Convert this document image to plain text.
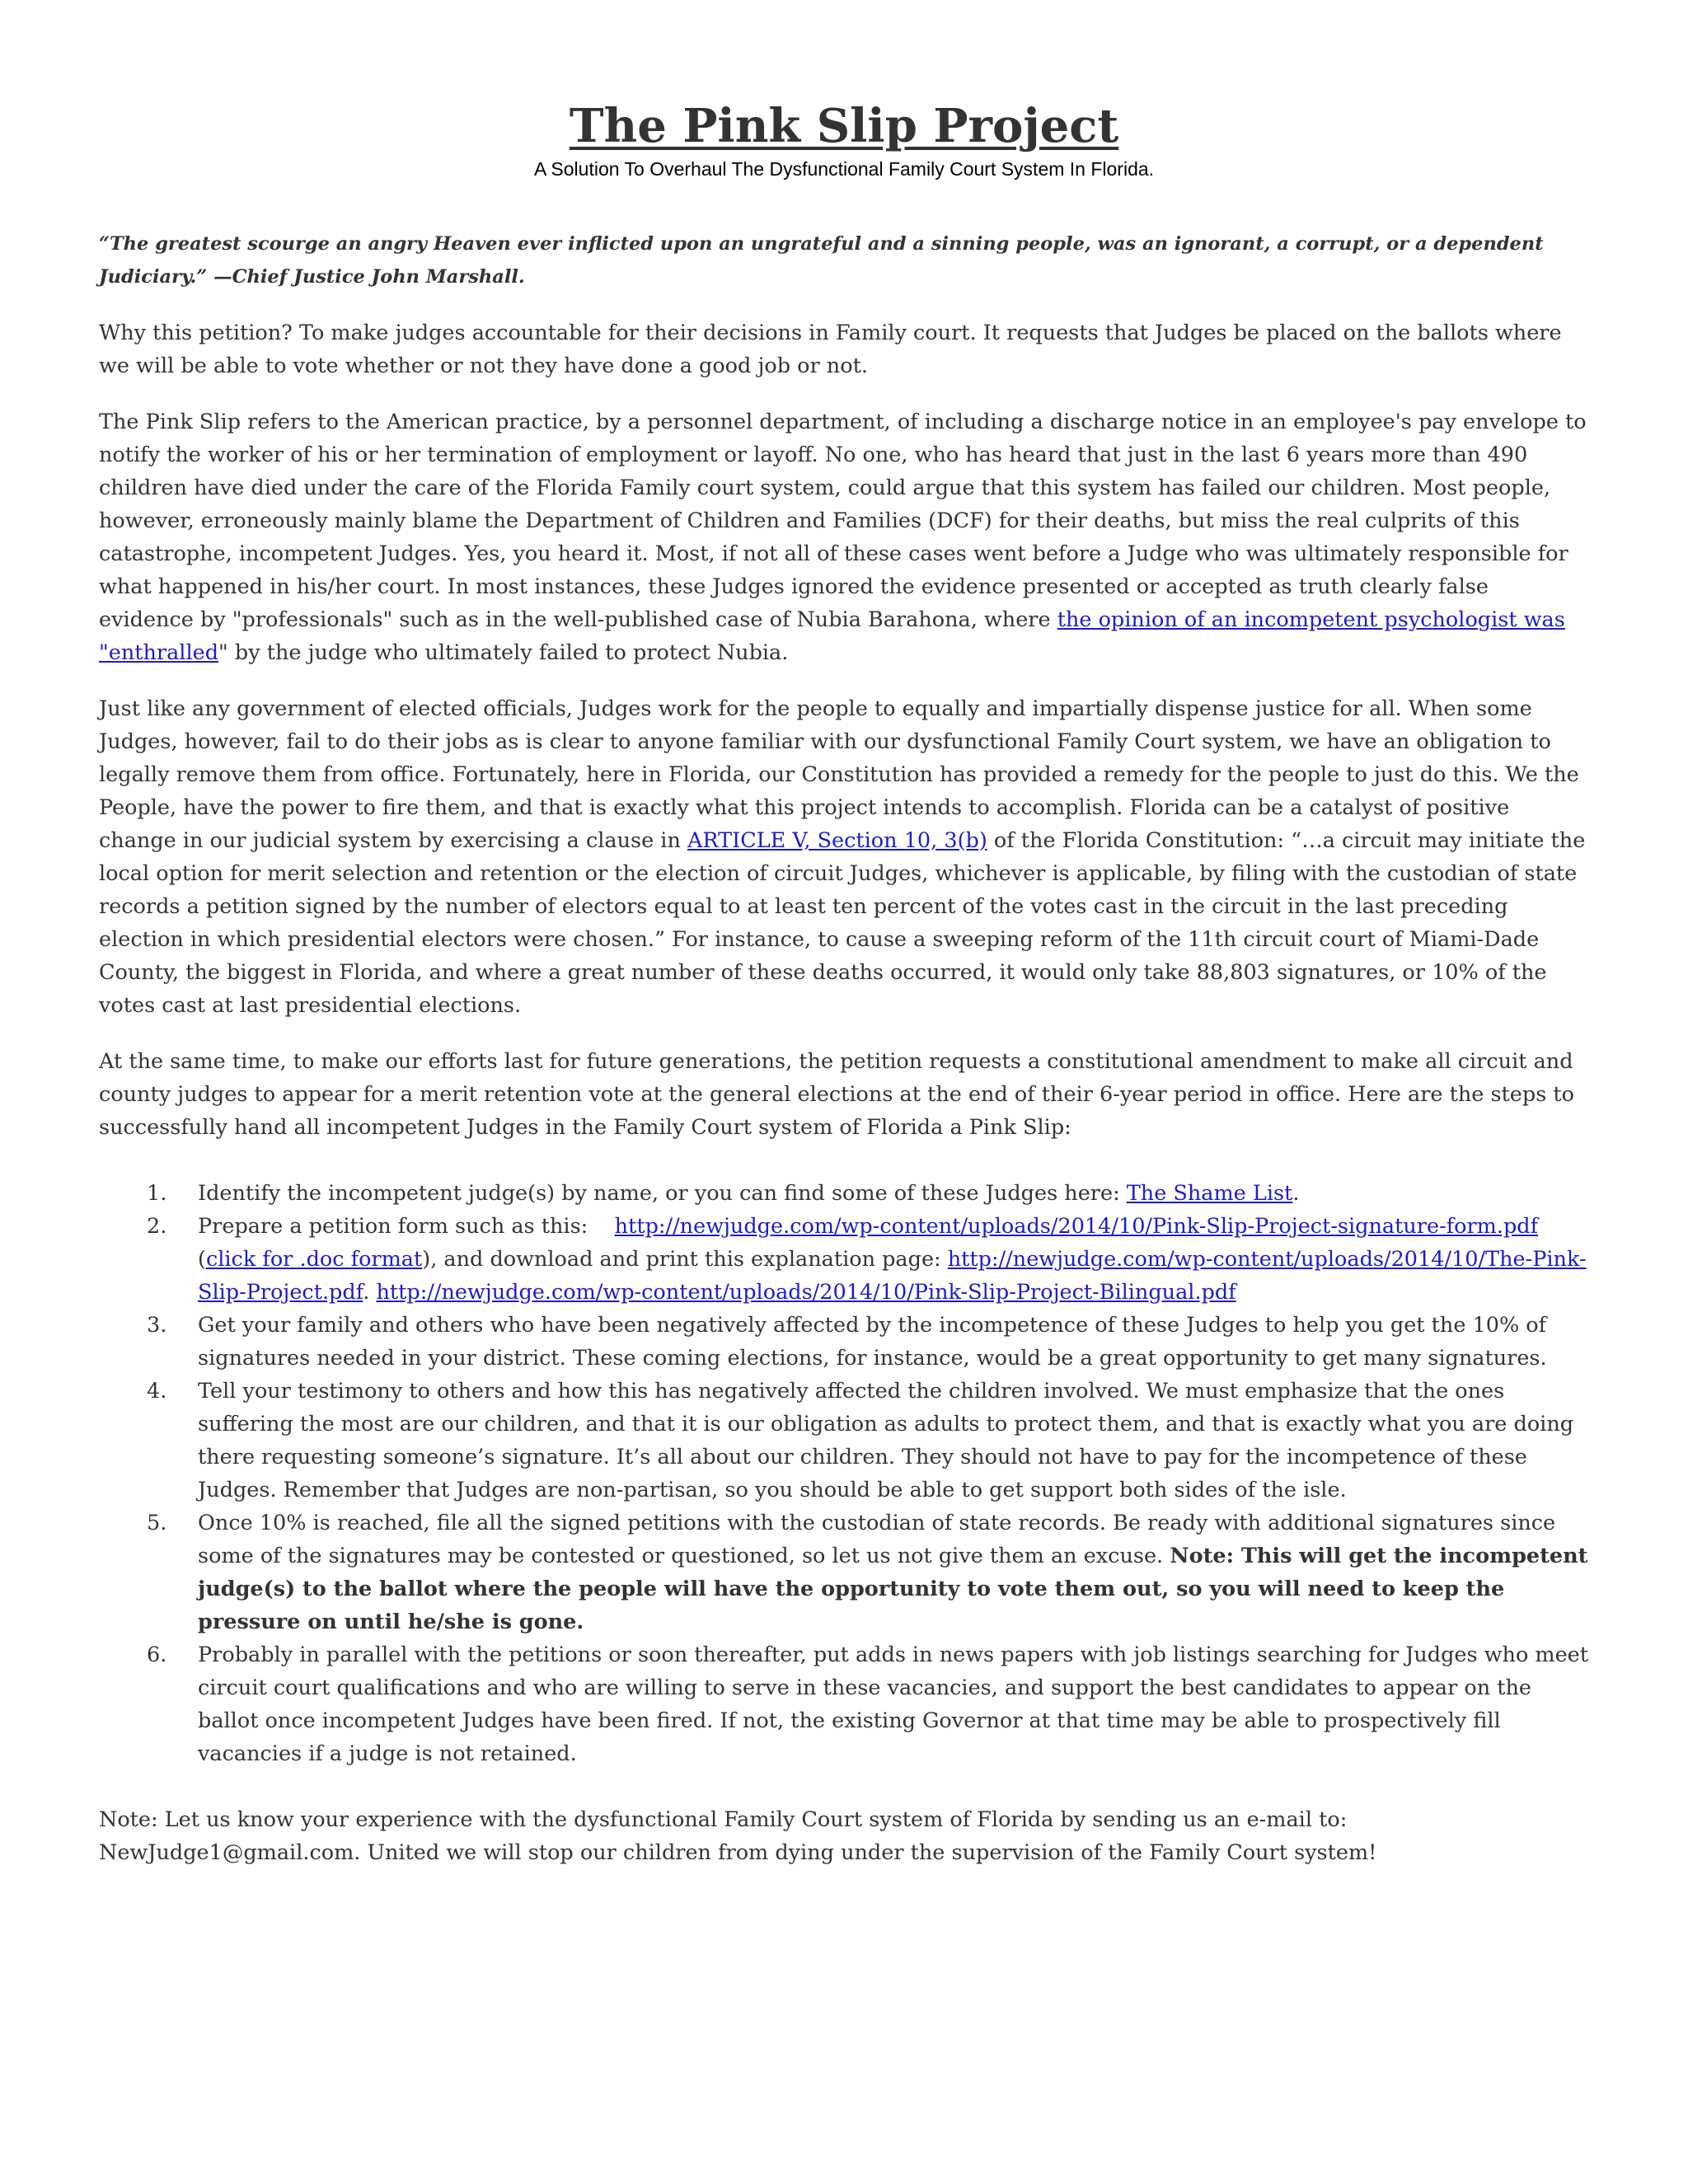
The Pink Slip Project
A Solution To Overhaul The Dysfunctional Family Court System In Florida.
“The greatest scourge an angry Heaven ever inflicted upon an ungrateful and a sinning people, was an ignorant, a corrupt, or a dependent Judiciary.” —Chief Justice John Marshall.

Why this petition? To make judges accountable for their decisions in Family court. It requests that Judges be placed on the ballots where we will be able to vote whether or not they have done a good job or not.

The Pink Slip refers to the American practice, by a personnel department, of including a discharge notice in an employee's pay envelope to notify the worker of his or her termination of employment or layoff. No one, who has heard that just in the last 6 years more than 490 children have died under the care of the Florida Family court system, could argue that this system has failed our children. Most people, however, erroneously mainly blame the Department of Children and Families (DCF) for their deaths, but miss the real culprits of this catastrophe, incompetent Judges. Yes, you heard it. Most, if not all of these cases went before a Judge who was ultimately responsible for what happened in his/her court. In most instances, these Judges ignored the evidence presented or accepted as truth clearly false evidence by "professionals" such as in the well-published case of Nubia Barahona, where the opinion of an incompetent psychologist was "enthralled" by the judge who ultimately failed to protect Nubia.

Just like any government of elected officials, Judges work for the people to equally and impartially dispense justice for all. When some Judges, however, fail to do their jobs as is clear to anyone familiar with our dysfunctional Family Court system, we have an obligation to legally remove them from office. Fortunately, here in Florida, our Constitution has provided a remedy for the people to just do this. We the People, have the power to fire them, and that is exactly what this project intends to accomplish. Florida can be a catalyst of positive change in our judicial system by exercising a clause in ARTICLE V, Section 10, 3(b) of the Florida Constitution: “…a circuit may initiate the local option for merit selection and retention or the election of circuit Judges, whichever is applicable, by filing with the custodian of state records a petition signed by the number of electors equal to at least ten percent of the votes cast in the circuit in the last preceding election in which presidential electors were chosen.” For instance, to cause a sweeping reform of the 11th circuit court of Miami-Dade County, the biggest in Florida, and where a great number of these deaths occurred, it would only take 88,803 signatures, or 10% of the votes cast at last presidential elections.

At the same time, to make our efforts last for future generations, the petition requests a constitutional amendment to make all circuit and county judges to appear for a merit retention vote at the general elections at the end of their 6-year period in office. Here are the steps to successfully hand all incompetent Judges in the Family Court system of Florida a Pink Slip:

1. Identify the incompetent judge(s) by name, or you can find some of these Judges here: The Shame List.
2. Prepare a petition form such as this:    http://newjudge.com/wp-content/uploads/2014/10/Pink-Slip-Project-signature-form.pdf (click for .doc format), and download and print this explanation page: http://newjudge.com/wp-content/uploads/2014/10/The-Pink-Slip-Project.pdf. http://newjudge.com/wp-content/uploads/2014/10/Pink-Slip-Project-Bilingual.pdf
3. Get your family and others who have been negatively affected by the incompetence of these Judges to help you get the 10% of signatures needed in your district. These coming elections, for instance, would be a great opportunity to get many signatures.
4. Tell your testimony to others and how this has negatively affected the children involved. We must emphasize that the ones suffering the most are our children, and that it is our obligation as adults to protect them, and that is exactly what you are doing there requesting someone’s signature. It’s all about our children. They should not have to pay for the incompetence of these Judges. Remember that Judges are non-partisan, so you should be able to get support both sides of the isle.
5. Once 10% is reached, file all the signed petitions with the custodian of state records. Be ready with additional signatures since some of the signatures may be contested or questioned, so let us not give them an excuse. Note: This will get the incompetent judge(s) to the ballot where the people will have the opportunity to vote them out, so you will need to keep the pressure on until he/she is gone.
6. Probably in parallel with the petitions or soon thereafter, put adds in news papers with job listings searching for Judges who meet circuit court qualifications and who are willing to serve in these vacancies, and support the best candidates to appear on the ballot once incompetent Judges have been fired. If not, the existing Governor at that time may be able to prospectively fill vacancies if a judge is not retained.

Note: Let us know your experience with the dysfunctional Family Court system of Florida by sending us an e-mail to: NewJudge1@gmail.com. United we will stop our children from dying under the supervision of the Family Court system!
